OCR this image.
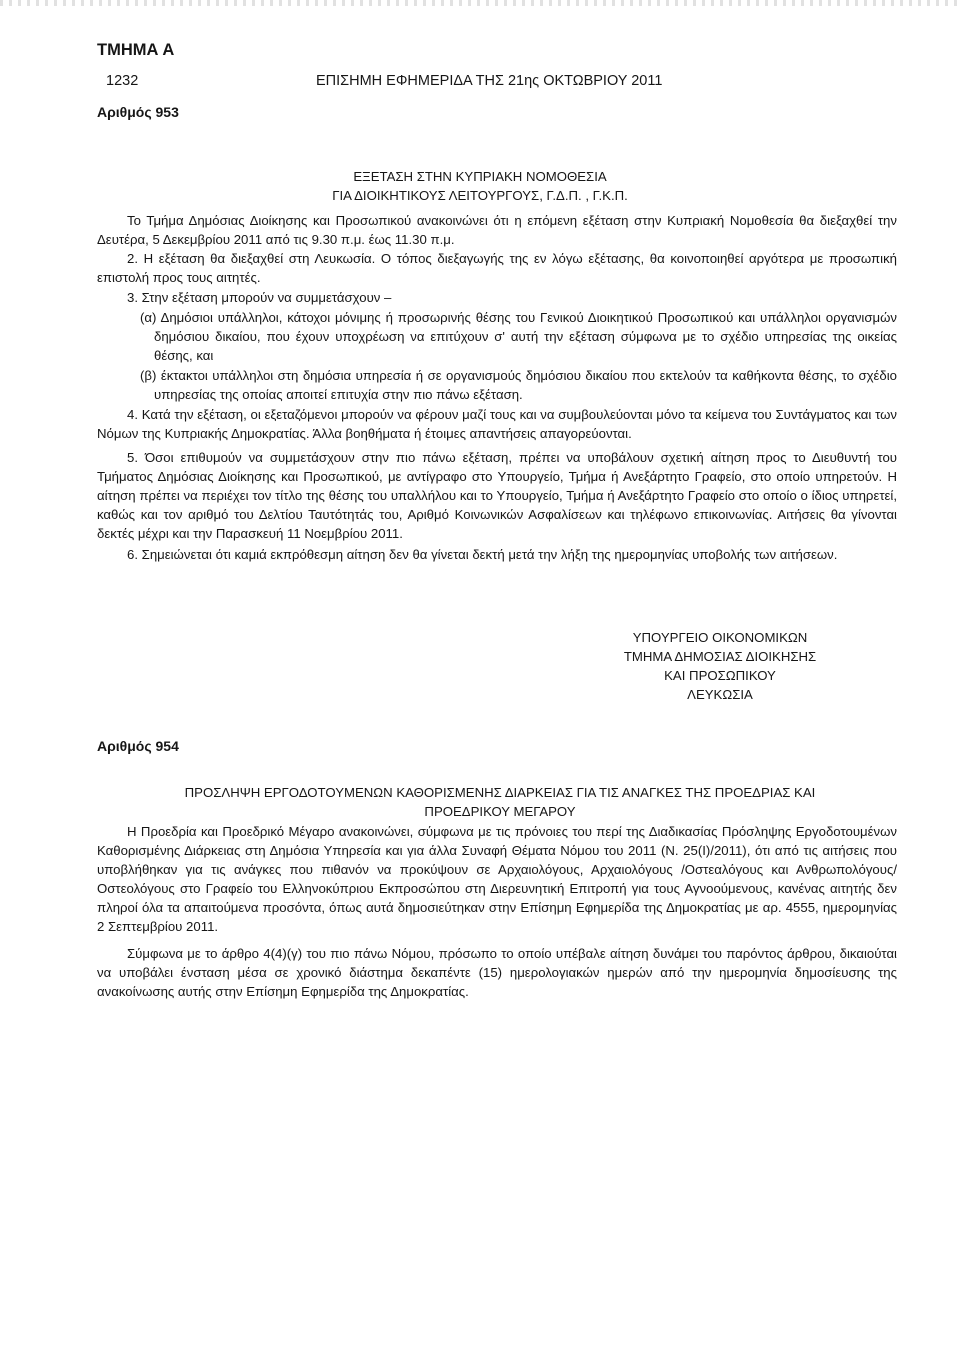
ΤΜΗΜΑ Α
1232	ΕΠΙΣΗΜΗ ΕΦΗΜΕΡΙΔΑ ΤΗΣ 21ης ΟΚΤΩΒΡΙΟΥ 2011
Αριθμός 953
ΕΞΕΤΑΣΗ ΣΤΗΝ ΚΥΠΡΙΑΚΗ ΝΟΜΟΘΕΣΙΑ
ΓΙΑ ΔΙΟΙΚΗΤΙΚΟΥΣ ΛΕΙΤΟΥΡΓΟΥΣ, Γ.Δ.Π. , Γ.Κ.Π.

Το Τμήμα Δημόσιας Διοίκησης και Προσωπικού ανακοινώνει ότι η επόμενη εξέταση στην Κυπριακή Νομοθεσία θα διεξαχθεί την Δευτέρα, 5 Δεκεμβρίου 2011 από τις 9.30 π.μ. έως 11.30 π.μ.

2. Η εξέταση θα διεξαχθεί στη Λευκωσία. Ο τόπος διεξαγωγής της εν λόγω εξέτασης, θα κοινοποιηθεί αργότερα με προσωπική επιστολή προς τους αιτητές.

3. Στην εξέταση μπορούν να συμμετάσχουν –

(α) Δημόσιοι υπάλληλοι, κάτοχοι μόνιμης ή προσωρινής θέσης του Γενικού Διοικητικού Προσωπικού και υπάλληλοι οργανισμών δημόσιου δικαίου, που έχουν υποχρέωση να επιτύχουν σ' αυτή την εξέταση σύμφωνα με το σχέδιο υπηρεσίας της οικείας θέσης, και

(β) έκτακτοι υπάλληλοι στη δημόσια υπηρεσία ή σε οργανισμούς δημόσιου δικαίου που εκτελούν τα καθήκοντα θέσης, το σχέδιο υπηρεσίας της οποίας αποιτεί επιτυχία στην πιο πάνω εξέταση.

4. Κατά την εξέταση, οι εξεταζόμενοι μπορούν να φέρουν μαζί τους και να συμβουλεύονται μόνο τα κείμενα του Συντάγματος και των Νόμων της Κυπριακής Δημοκρατίας. Άλλα βοηθήματα ή έτοιμες απαντήσεις απαγορεύονται.

5. Όσοι επιθυμούν να συμμετάσχουν στην πιο πάνω εξέταση, πρέπει να υποβάλουν σχετική αίτηση προς το Διευθυντή του Τμήματος Δημόσιας Διοίκησης και Προσωπικού, με αντίγραφο στο Υπουργείο, Τμήμα ή Ανεξάρτητο Γραφείο, στο οποίο υπηρετούν. Η αίτηση πρέπει να περιέχει τον τίτλο της θέσης του υπαλλήλου και το Υπουργείο, Τμήμα ή Ανεξάρτητο Γραφείο στο οποίο ο ίδιος υπηρετεί, καθώς και τον αριθμό του Δελτίου Ταυτότητάς του, Αριθμό Κοινωνικών Ασφαλίσεων και τηλέφωνο επικοινωνίας. Αιτήσεις θα γίνονται δεκτές μέχρι και την Παρασκευή 11 Νοεμβρίου 2011.

6. Σημειώνεται ότι καμιά εκπρόθεσμη αίτηση δεν θα γίνεται δεκτή μετά την λήξη της ημερομηνίας υποβολής των αιτήσεων.

ΥΠΟΥΡΓΕΙΟ ΟΙΚΟΝΟΜΙΚΩΝ
ΤΜΗΜΑ ΔΗΜΟΣΙΑΣ ΔΙΟΙΚΗΣΗΣ
ΚΑΙ ΠΡΟΣΩΠΙΚΟΥ
ΛΕΥΚΩΣΙΑ
Αριθμός 954
ΠΡΟΣΛΗΨΗ ΕΡΓΟΔΟΤΟΥΜΕΝΩΝ ΚΑΘΟΡΙΣΜΕΝΗΣ ΔΙΑΡΚΕΙΑΣ ΓΙΑ ΤΙΣ ΑΝΑΓΚΕΣ ΤΗΣ ΠΡΟΕΔΡΙΑΣ ΚΑΙ
ΠΡΟΕΔΡΙΚΟΥ ΜΕΓΑΡΟΥ

Η Προεδρία και Προεδρικό Μέγαρο ανακοινώνει, σύμφωνα με τις πρόνοιες του περί της Διαδικασίας Πρόσληψης Εργοδοτουμένων Καθορισμένης Διάρκειας στη Δημόσια Υπηρεσία και για άλλα Συναφή Θέματα Νόμου του 2011 (Ν. 25(Ι)/2011), ότι από τις αιτήσεις που υποβλήθηκαν για τις ανάγκες που πιθανόν να προκύψουν σε Αρχαιολόγους, Αρχαιολόγους /Οστεαλόγους και Ανθρωπολόγους/Οστεολόγους στο Γραφείο του Ελληνοκύπριου Εκπροσώπου στη Διερευνητική Επιτροπή για τους Αγνοούμενους, κανένας αιτητής δεν πληροί όλα τα απαιτούμενα προσόντα, όπως αυτά δημοσιεύτηκαν στην Επίσημη Εφημερίδα της Δημοκρατίας με αρ. 4555, ημερομηνίας 2 Σεπτεμβρίου 2011.

Σύμφωνα με το άρθρο 4(4)(γ) του πιο πάνω Νόμου, πρόσωπο το οποίο υπέβαλε αίτηση δυνάμει του παρόντος άρθρου, δικαιούται να υποβάλει ένσταση μέσα σε χρονικό διάστημα δεκαπέντε (15) ημερολογιακών ημερών από την ημερομηνία δημοσίευσης της ανακοίνωσης αυτής στην Επίσημη Εφημερίδα της Δημοκρατίας.
